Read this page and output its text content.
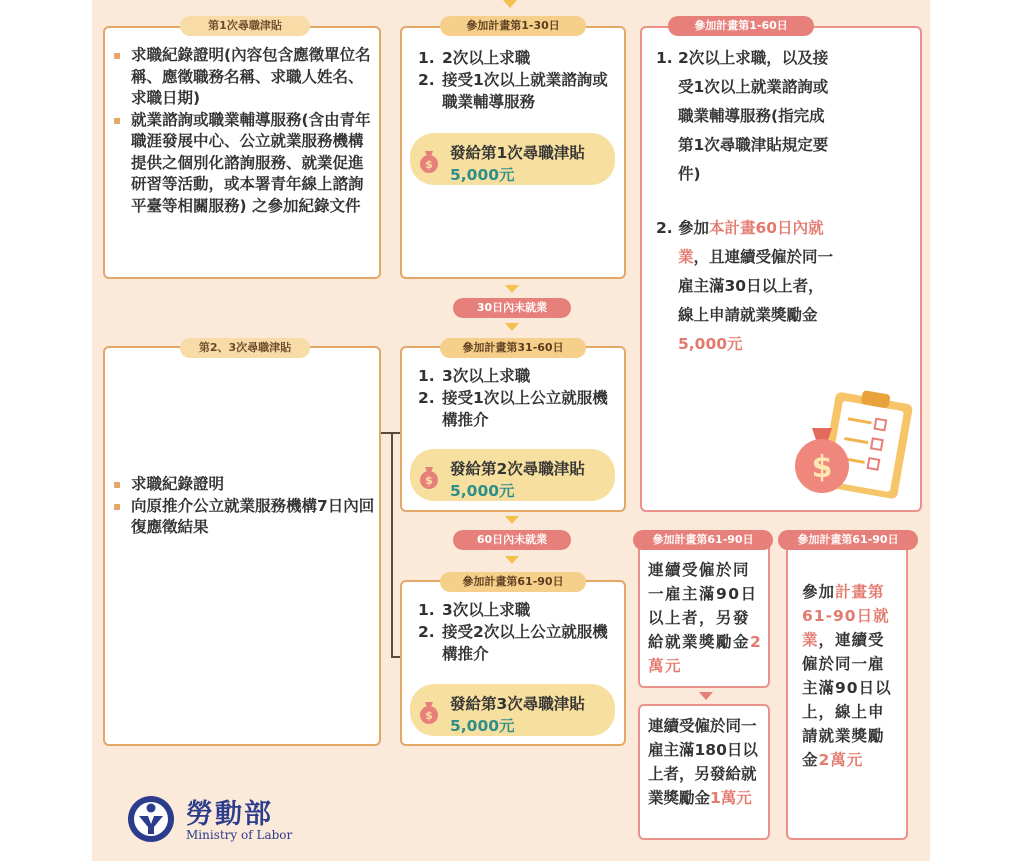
第1次尋職津貼
▪ 求職紀錄證明(內容包含應徵單位名稱、應徵職務名稱、求職人姓名、求職日期)
▪ 就業諮詢或職業輔導服務(含由青年職涯發展中心、公立就業服務機構提供之個別化諮詢服務、就業促進研習等活動，或本署青年線上諮詢平臺等相關服務) 之參加紀錄文件
第2、3次尋職津貼
▪ 求職紀錄證明
▪ 向原推介公立就業服務機構7日內回復應徵結果
參加計畫第1-30日
1. 2次以上求職
2. 接受1次以上就業諮詢或職業輔導服務
$
發給第1次尋職津貼
5,000元
30日內未就業
參加計畫第31-60日
1. 3次以上求職
2. 接受1次以上公立就服機構推介
$
發給第2次尋職津貼
5,000元
60日內未就業
參加計畫第61-90日
1. 3次以上求職
2. 接受2次以上公立就服機構推介
$
發給第3次尋職津貼
5,000元
參加計畫第1-60日
1. 2次以上求職，以及接受1次以上就業諮詢或職業輔導服務(指完成第1次尋職津貼規定要件)
2. 參加本計畫60日內就業，且連續受僱於同一雇主滿30日以上者，線上申請就業獎勵金5,000元
$
參加計畫第61-90日
連續受僱於同一雇主滿90日以上者，另發給就業獎勵金2萬元
連續受僱於同一雇主滿180日以上者，另發給就業獎勵金1萬元
參加計畫第61-90日
參加計畫第61-90日就業，連續受僱於同一雇主滿90日以上，線上申請就業獎勵金2萬元
勞動部
Ministry of Labor
